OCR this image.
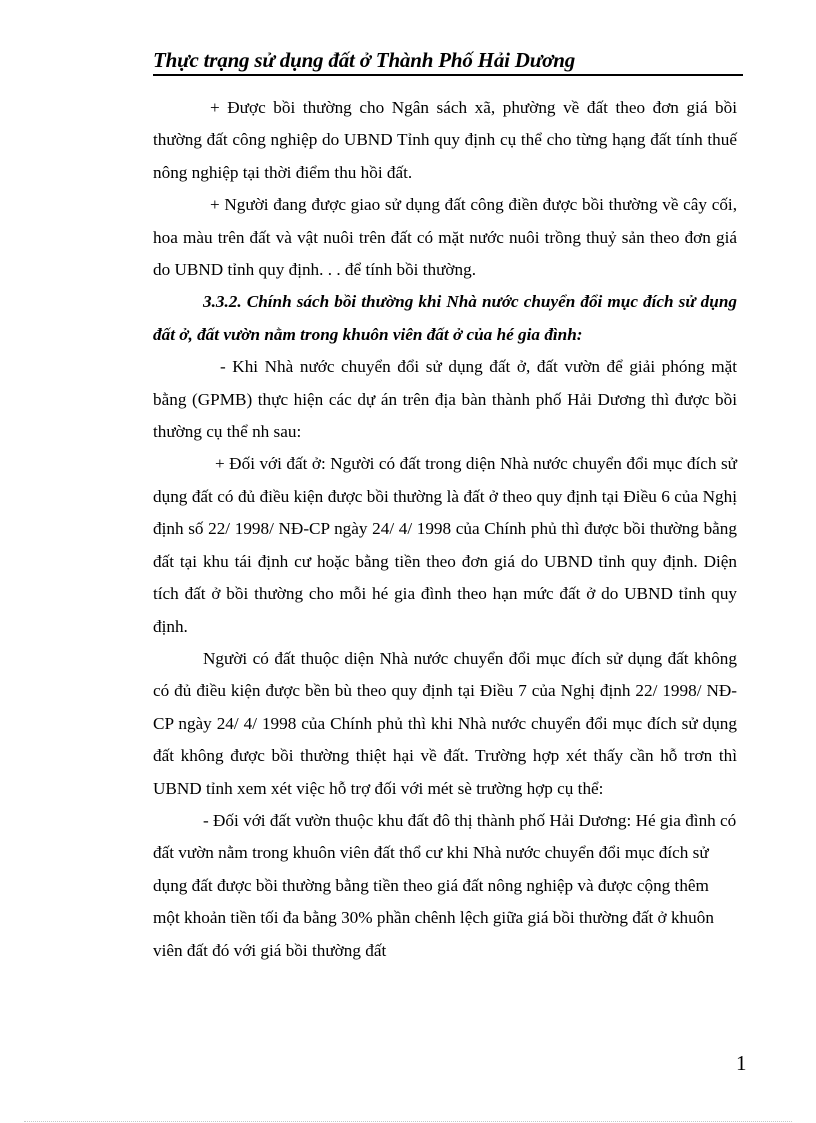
Thực trạng sử dụng đất ở Thành Phố Hải Dương

+ Được bồi thường cho Ngân sách xã, phường về đất theo đơn giá bồi thường đất công nghiệp do UBND Tỉnh quy định cụ thể cho từng hạng đất tính thuế nông nghiệp tại thời điểm thu hồi đất.

+ Người đang được giao sử dụng đất công điền được bồi thường về cây cối, hoa màu trên đất và vật nuôi trên đất có mặt nước nuôi trồng thuỷ sản theo đơn giá do UBND tỉnh quy định. . . để tính bồi thường.

3.3.2. Chính sách bồi thường khi Nhà nước chuyển đổi mục đích sử dụng đất ở, đất vườn nằm trong khuôn viên đất ở của hé gia đình:

- Khi Nhà nước chuyển đổi sử dụng đất ở, đất vườn để giải phóng mặt bằng (GPMB) thực hiện các dự án trên địa bàn thành phố Hải Dương thì được bồi thường cụ thể nh sau:

+ Đối với đất ở: Người có đất trong diện Nhà nước chuyển đổi mục đích sử dụng đất có đủ điều kiện được bồi thường là đất ở theo quy định tại Điều 6 của Nghị định số 22/ 1998/ NĐ-CP ngày 24/ 4/ 1998 của Chính phủ thì được bồi thường bằng đất tại khu tái định cư hoặc bằng tiền theo đơn giá do UBND tỉnh quy định. Diện tích đất ở bồi thường cho mỗi hé gia đình theo hạn mức đất ở do UBND tỉnh quy định.

Người có đất thuộc diện Nhà nước chuyển đổi mục đích sử dụng đất không có đủ điều kiện được bền bù theo quy định tại Điều 7 của Nghị định 22/ 1998/ NĐ-CP ngày 24/ 4/ 1998 của Chính phủ thì khi Nhà nước chuyển đổi mục đích sử dụng đất không được bồi thường thiệt hại về đất. Trường hợp xét thấy cần hỗ trơn thì UBND tỉnh xem xét việc hỗ trợ đối với mét sè trường hợp cụ thể:

- Đối với đất vườn thuộc khu đất đô thị thành phố Hải Dương: Hé gia đình có đất vườn nằm trong khuôn viên đất thổ cư khi Nhà nước chuyển đổi mục đích sử dụng đất được bồi thường bằng tiền theo giá đất nông nghiệp và được cộng thêm một khoản tiền tối đa bằng 30% phần chênh lệch giữa giá bồi thường đất ở khuôn viên đất đó với giá bồi thường đất

1
